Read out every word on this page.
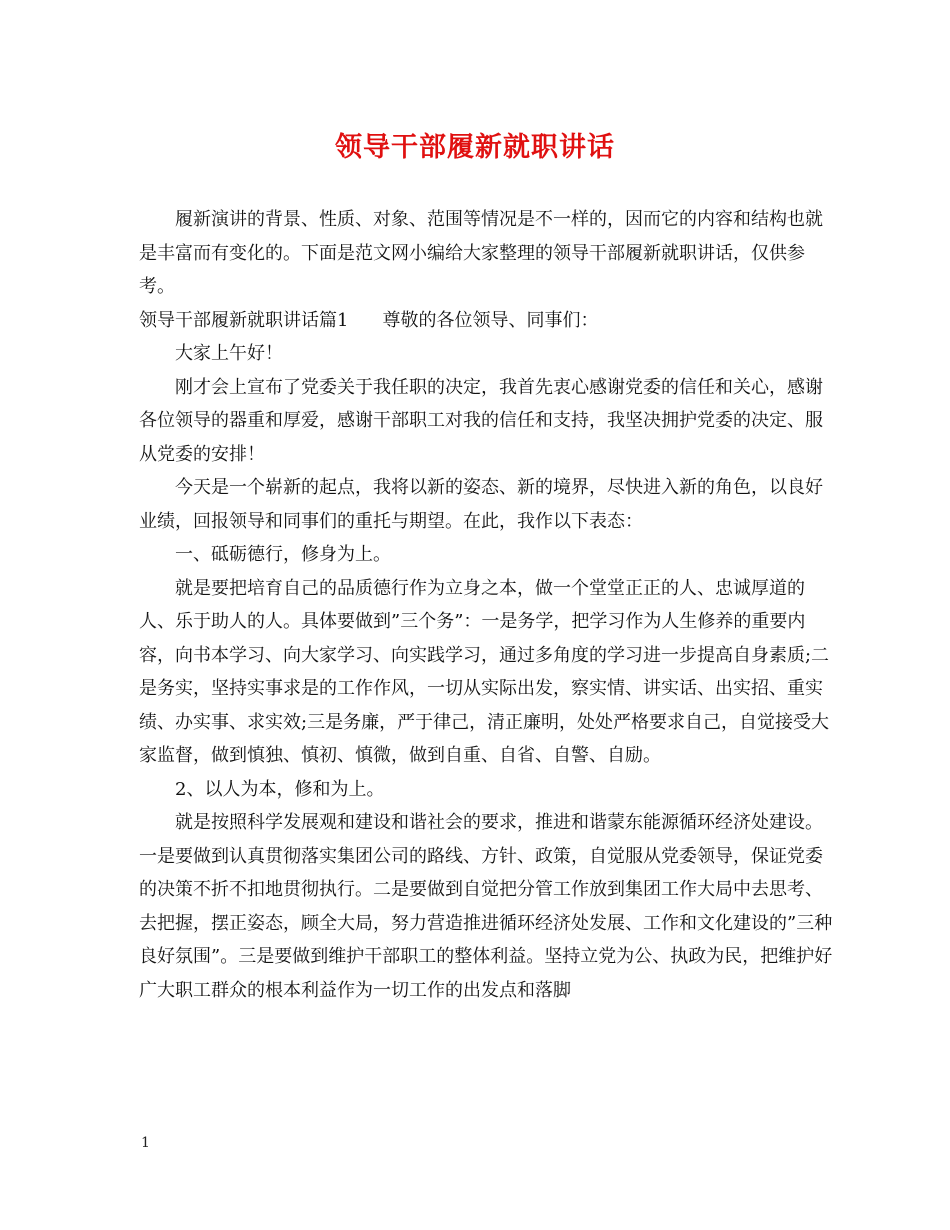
领导干部履新就职讲话

履新演讲的背景、性质、对象、范围等情况是不一样的，因而它的内容和结构也就是丰富而有变化的。下面是范文网小编给大家整理的领导干部履新就职讲话，仅供参考。

领导干部履新就职讲话篇1 尊敬的各位领导、同事们：

大家上午好！

刚才会上宣布了党委关于我任职的决定，我首先衷心感谢党委的信任和关心，感谢各位领导的器重和厚爱，感谢干部职工对我的信任和支持，我坚决拥护党委的决定、服从党委的安排！

今天是一个崭新的起点，我将以新的姿态、新的境界，尽快进入新的角色，以良好业绩，回报领导和同事们的重托与期望。在此，我作以下表态：

一、砥砺德行，修身为上。

就是要把培育自己的品质德行作为立身之本，做一个堂堂正正的人、忠诚厚道的人、乐于助人的人。具体要做到”三个务”：一是务学，把学习作为人生修养的重要内容，向书本学习、向大家学习、向实践学习，通过多角度的学习进一步提高自身素质;二是务实，坚持实事求是的工作作风，一切从实际出发，察实情、讲实话、出实招、重实绩、办实事、求实效;三是务廉，严于律己，清正廉明，处处严格要求自己，自觉接受大家监督，做到慎独、慎初、慎微，做到自重、自省、自警、自励。

2、以人为本，修和为上。

就是按照科学发展观和建设和谐社会的要求，推进和谐蒙东能源循环经济处建设。一是要做到认真贯彻落实集团公司的路线、方针、政策，自觉服从党委领导，保证党委的决策不折不扣地贯彻执行。二是要做到自觉把分管工作放到集团工作大局中去思考、去把握，摆正姿态，顾全大局，努力营造推进循环经济处发展、工作和文化建设的”三种良好氛围”。三是要做到维护干部职工的整体利益。坚持立党为公、执政为民，把维护好广大职工群众的根本利益作为一切工作的出发点和落脚

1
